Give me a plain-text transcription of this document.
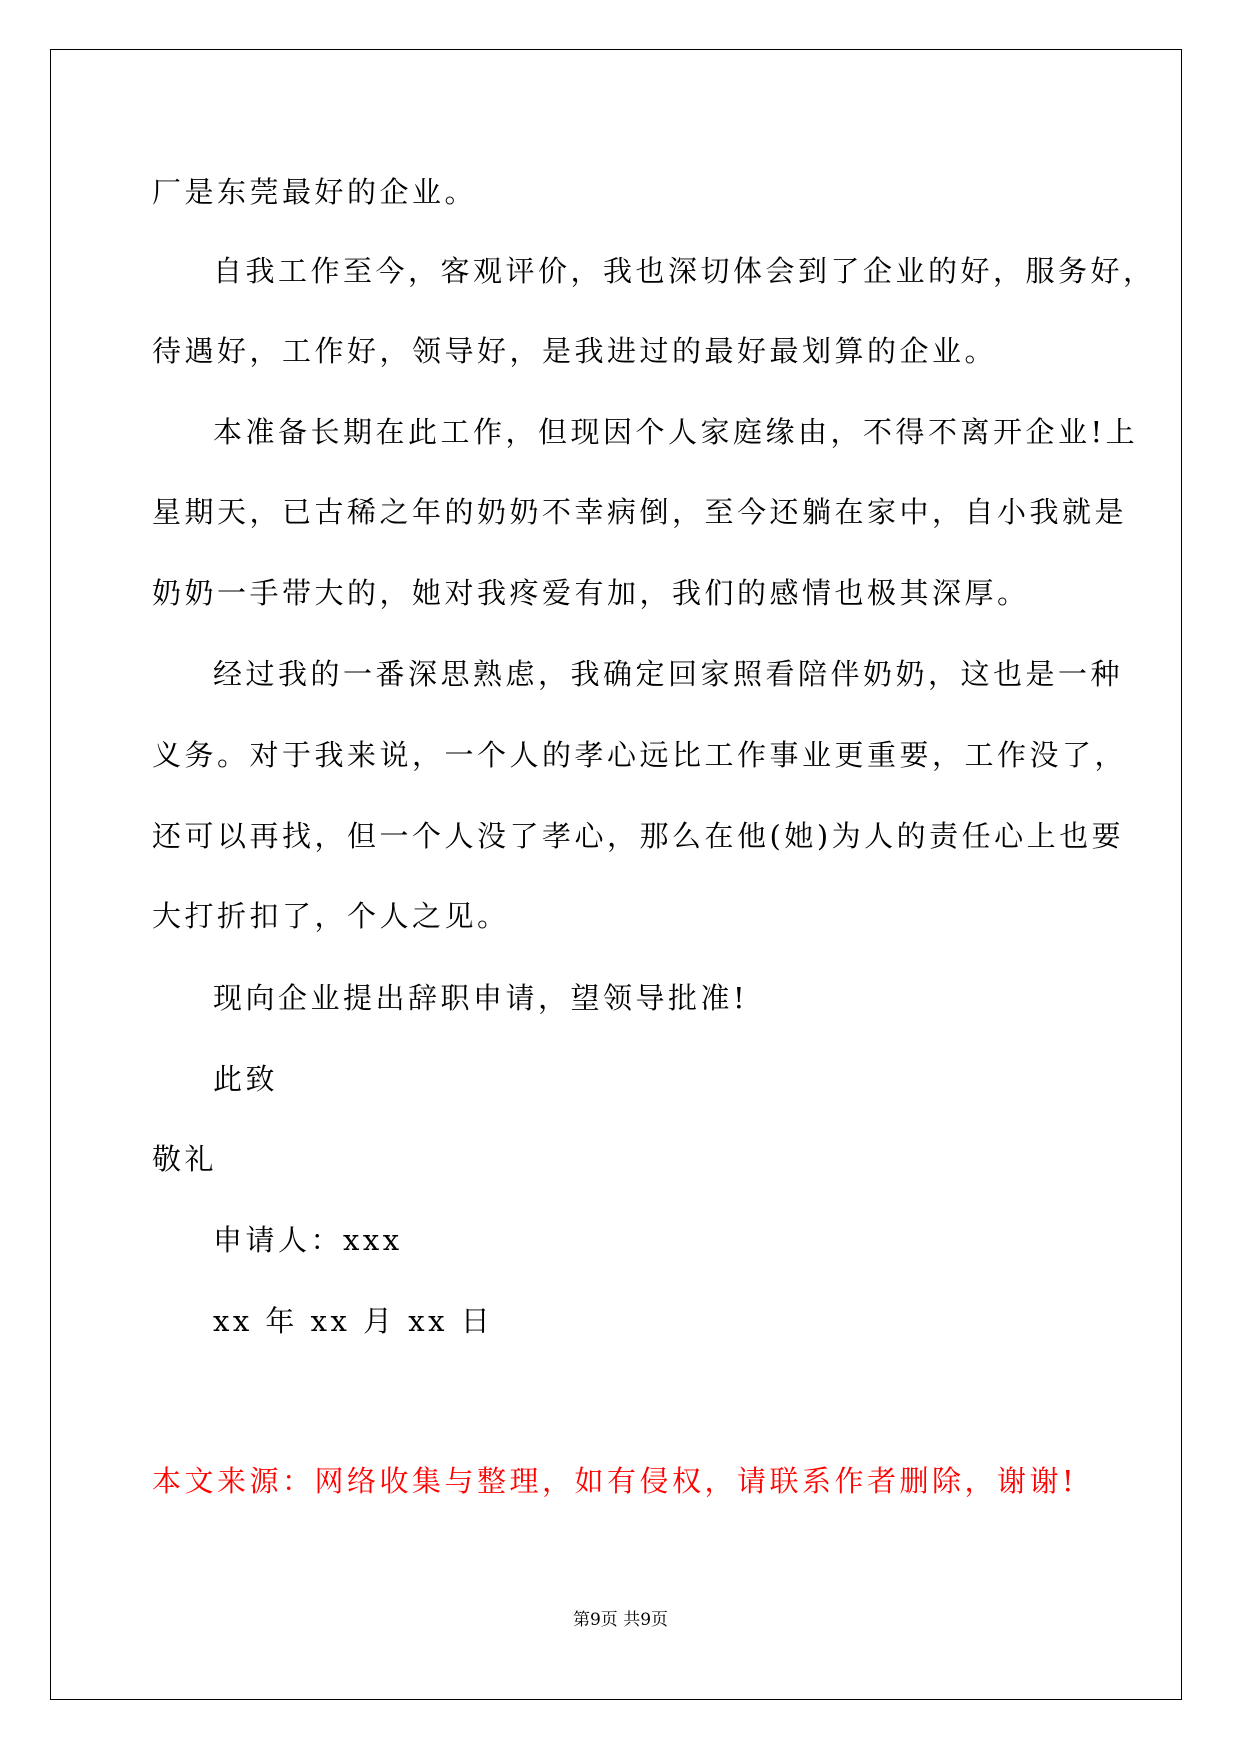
厂是东莞最好的企业。

自我工作至今，客观评价，我也深切体会到了企业的好，服务好，

待遇好，工作好，领导好，是我进过的最好最划算的企业。

本准备长期在此工作，但现因个人家庭缘由，不得不离开企业!上

星期天，已古稀之年的奶奶不幸病倒，至今还躺在家中，自小我就是

奶奶一手带大的，她对我疼爱有加，我们的感情也极其深厚。

经过我的一番深思熟虑，我确定回家照看陪伴奶奶，这也是一种

义务。对于我来说，一个人的孝心远比工作事业更重要，工作没了，

还可以再找，但一个人没了孝心，那么在他(她)为人的责任心上也要

大打折扣了，个人之见。

现向企业提出辞职申请，望领导批准!

此致

敬礼

申请人：xxx

xx 年 xx 月 xx 日

本文来源：网络收集与整理，如有侵权，请联系作者删除，谢谢!

第9页 共9页
